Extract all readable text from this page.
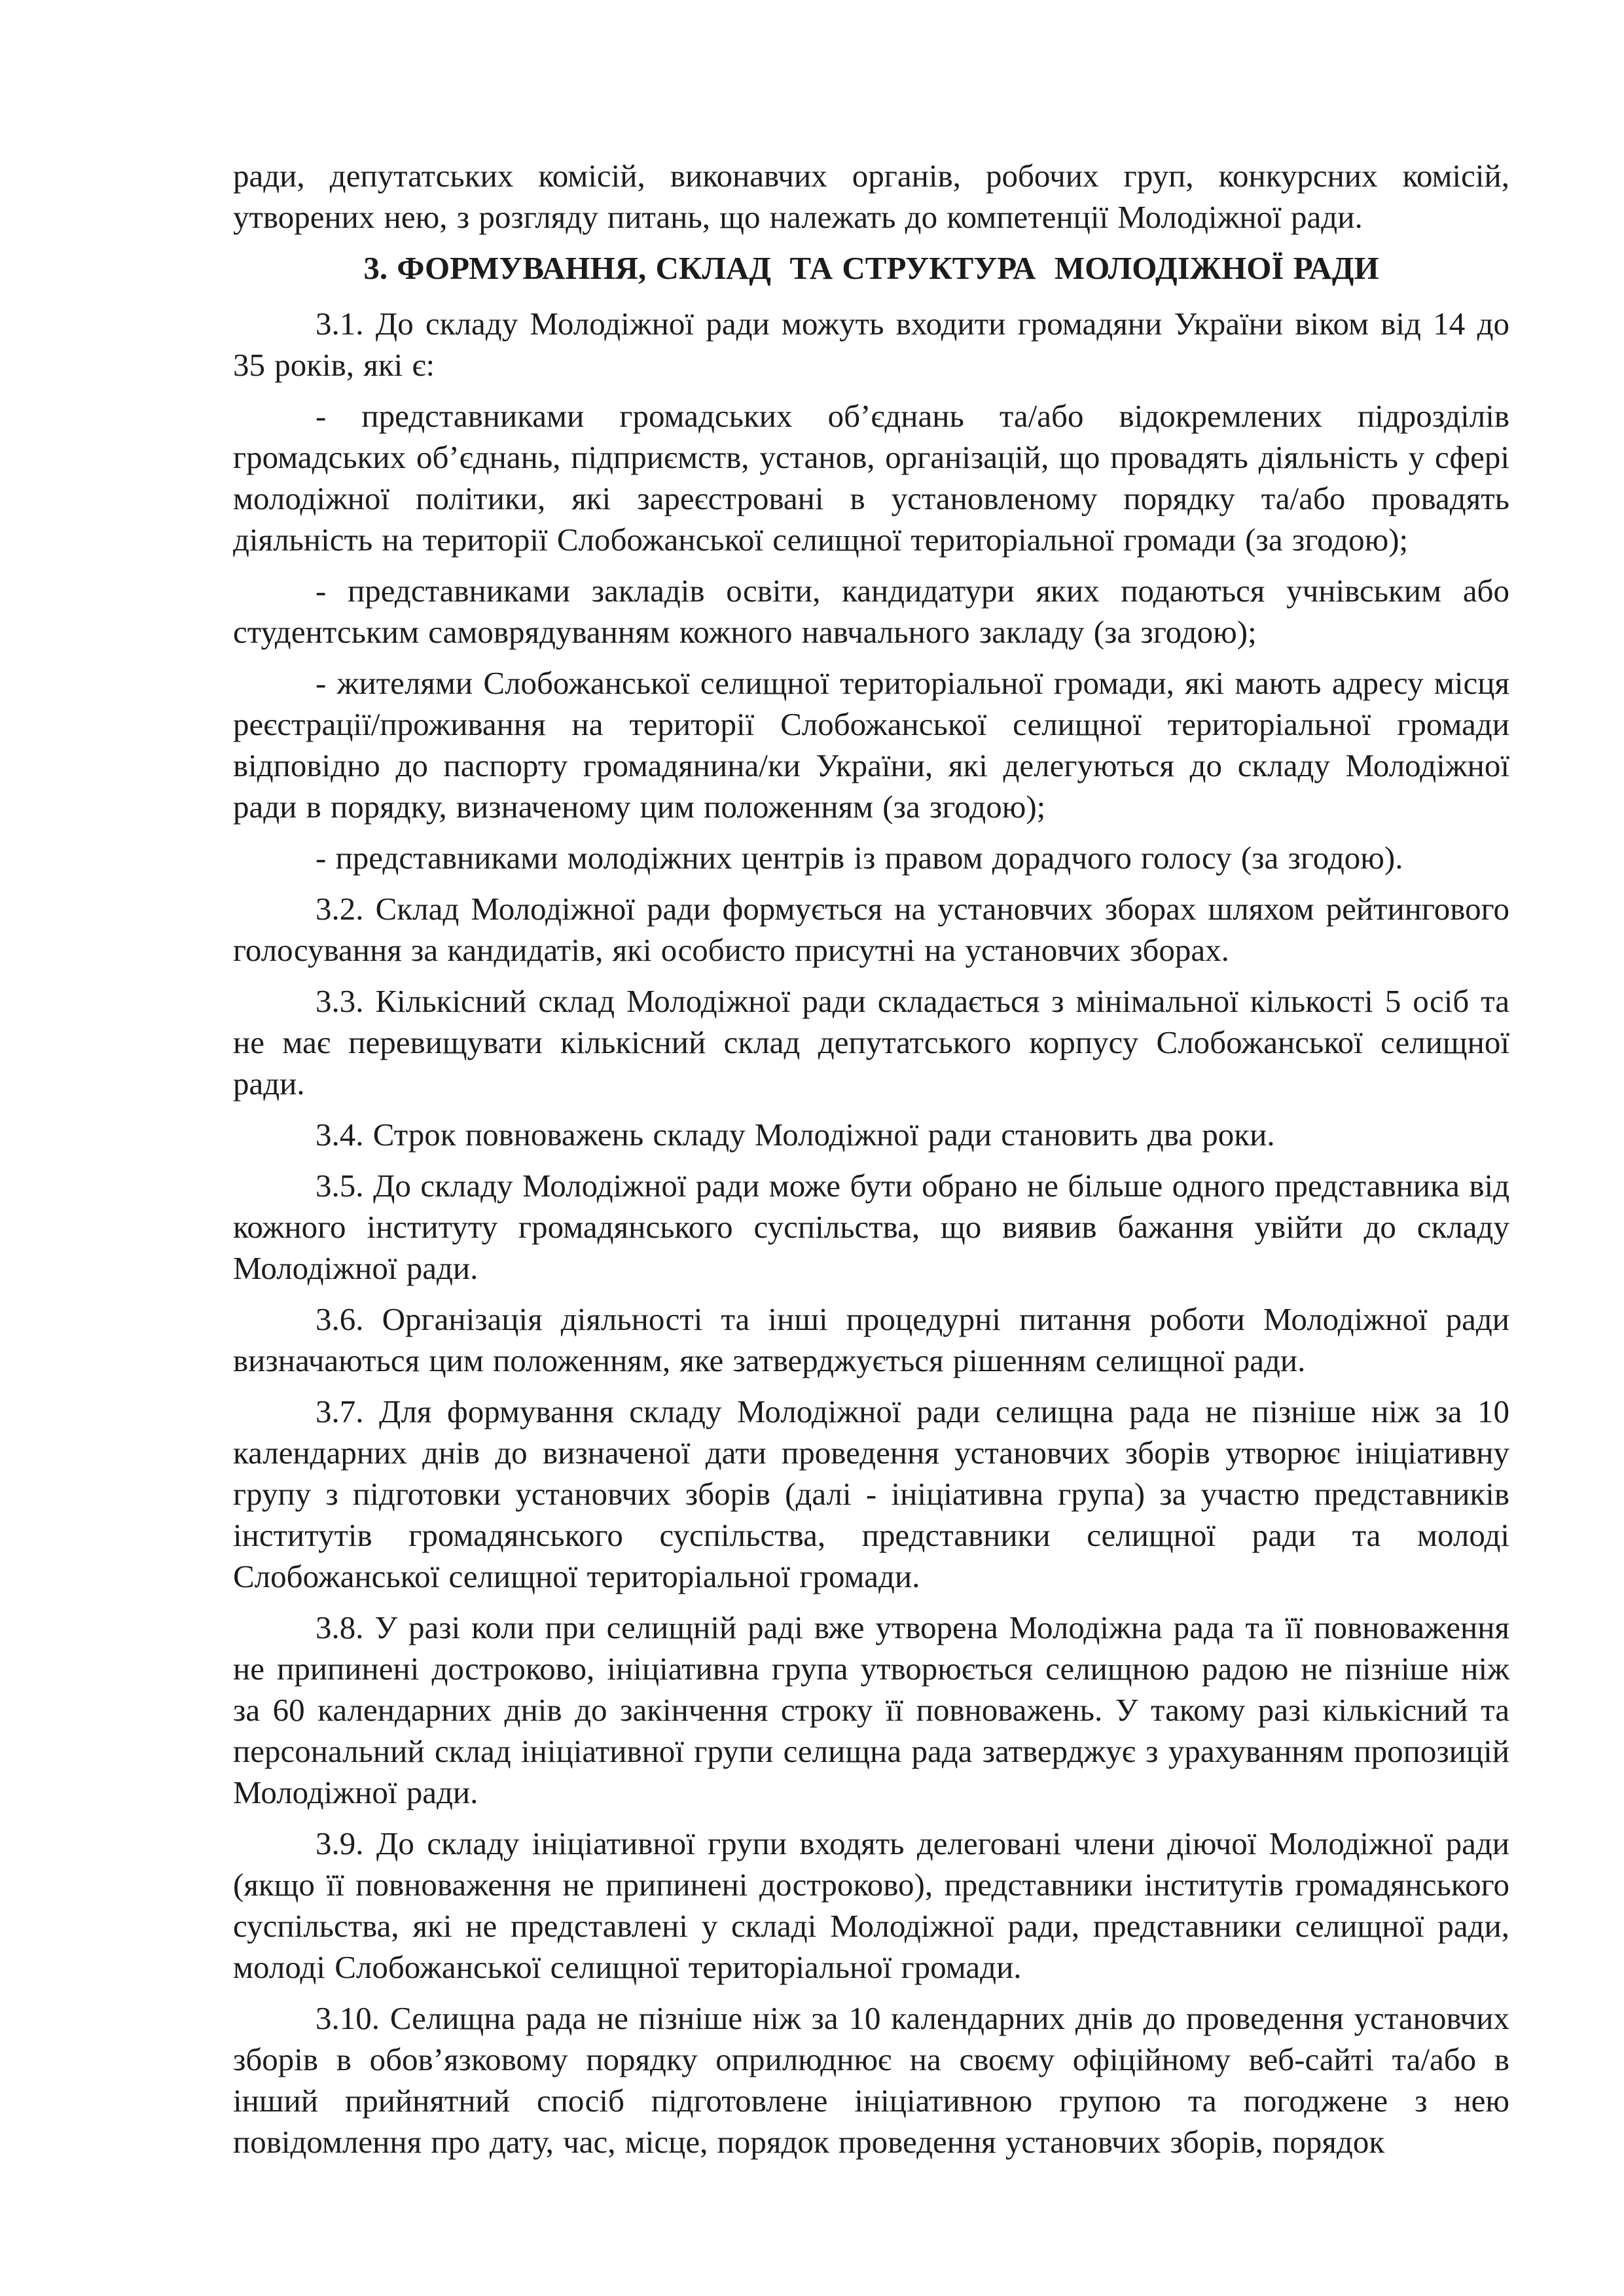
ради, депутатських комісій, виконавчих органів, робочих груп, конкурсних комісій, утворених нею, з розгляду питань, що належать до компетенції Молодіжної ради.

3. ФОРМУВАННЯ, СКЛАД  ТА СТРУКТУРА  МОЛОДІЖНОЇ РАДИ

3.1. До складу Молодіжної ради можуть входити громадяни України віком від 14 до 35 років, які є:

- представниками громадських об’єднань та/або відокремлених підрозділів громадських об’єднань, підприємств, установ, організацій, що провадять діяльність у сфері молодіжної політики, які зареєстровані в установленому порядку та/або провадять діяльність на території Слобожанської селищної територіальної громади (за згодою);

- представниками закладів освіти, кандидатури яких подаються учнівським або студентським самоврядуванням кожного навчального закладу (за згодою);

- жителями Слобожанської селищної територіальної громади, які мають адресу місця реєстрації/проживання на території Слобожанської селищної територіальної громади відповідно до паспорту громадянина/ки України, які делегуються до складу Молодіжної ради в порядку, визначеному цим положенням (за згодою);

- представниками молодіжних центрів із правом дорадчого голосу (за згодою).

3.2. Склад Молодіжної ради формується на установчих зборах шляхом рейтингового голосування за кандидатів, які особисто присутні на установчих зборах.

3.3. Кількісний склад Молодіжної ради складається з мінімальної кількості 5 осіб та не має перевищувати кількісний склад депутатського корпусу Слобожанської селищної ради.

3.4. Строк повноважень складу Молодіжної ради становить два роки.

3.5. До складу Молодіжної ради може бути обрано не більше одного представника від кожного інституту громадянського суспільства, що виявив бажання увійти до складу Молодіжної ради.

3.6. Організація діяльності та інші процедурні питання роботи Молодіжної ради визначаються цим положенням, яке затверджується рішенням селищної ради.

3.7. Для формування складу Молодіжної ради селищна рада не пізніше ніж за 10 календарних днів до визначеної дати проведення установчих зборів утворює ініціативну групу з підготовки установчих зборів (далі - ініціативна група) за участю представників інститутів громадянського суспільства, представники селищної ради та молоді Слобожанської селищної територіальної громади.

3.8. У разі коли при селищній раді вже утворена Молодіжна рада та її повноваження не припинені достроково, ініціативна група утворюється селищною радою не пізніше ніж за 60 календарних днів до закінчення строку її повноважень. У такому разі кількісний та персональний склад ініціативної групи селищна рада затверджує з урахуванням пропозицій Молодіжної ради.

3.9. До складу ініціативної групи входять делеговані члени діючої Молодіжної ради (якщо її повноваження не припинені достроково), представники інститутів громадянського суспільства, які не представлені у складі Молодіжної ради, представники селищної ради, молоді Слобожанської селищної територіальної громади.

3.10. Селищна рада не пізніше ніж за 10 календарних днів до проведення установчих зборів в обов’язковому порядку оприлюднює на своєму офіційному веб-сайті та/або в інший прийнятний спосіб підготовлене ініціативною групою та погоджене з нею повідомлення про дату, час, місце, порядок проведення установчих зборів, порядок
